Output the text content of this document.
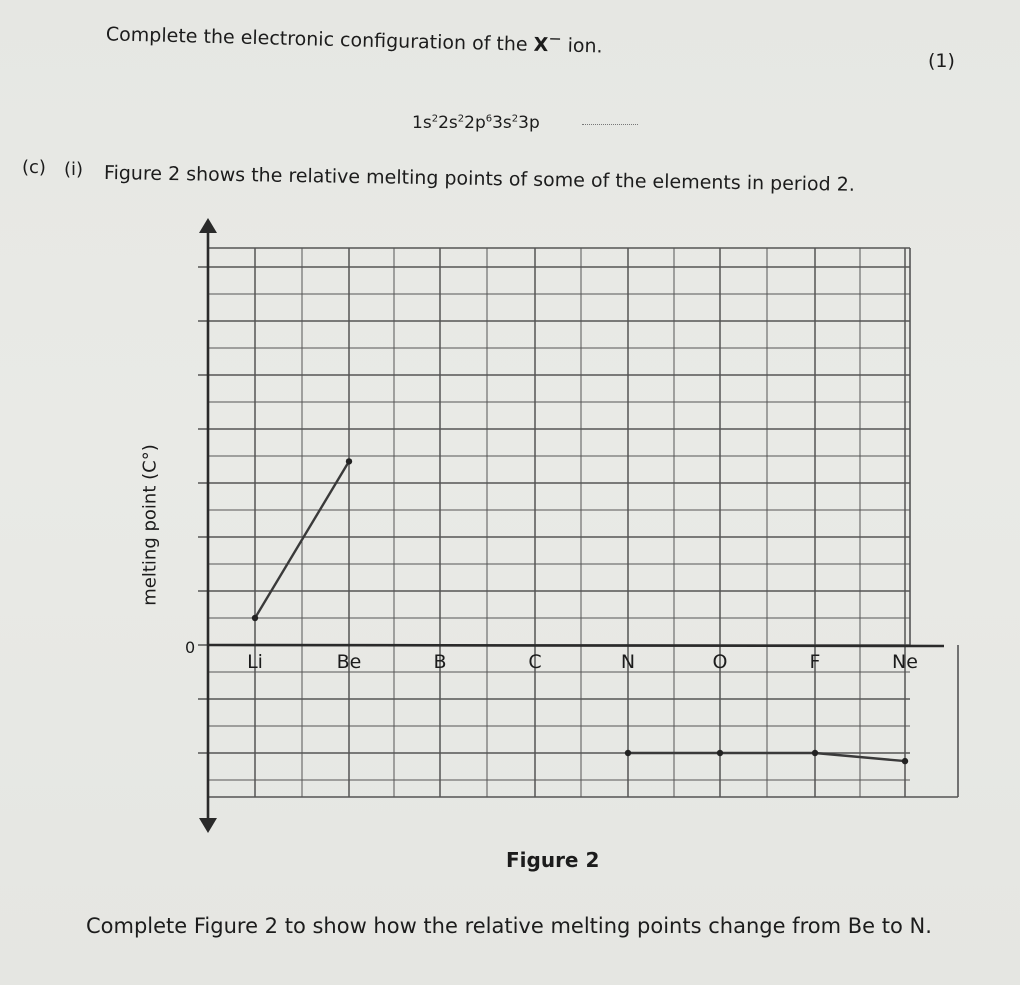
Complete the electronic configuration of the X− ion.
(1)
$1s^22s^22p^63s^23p$
(c) (i) Figure 2 shows the relative melting points of some of the elements in period 2.
melting point (C°)
0
Li	Be	B	C	N	O	F	Ne
Figure 2
Complete Figure 2 to show how the relative melting points change from Be to N.
